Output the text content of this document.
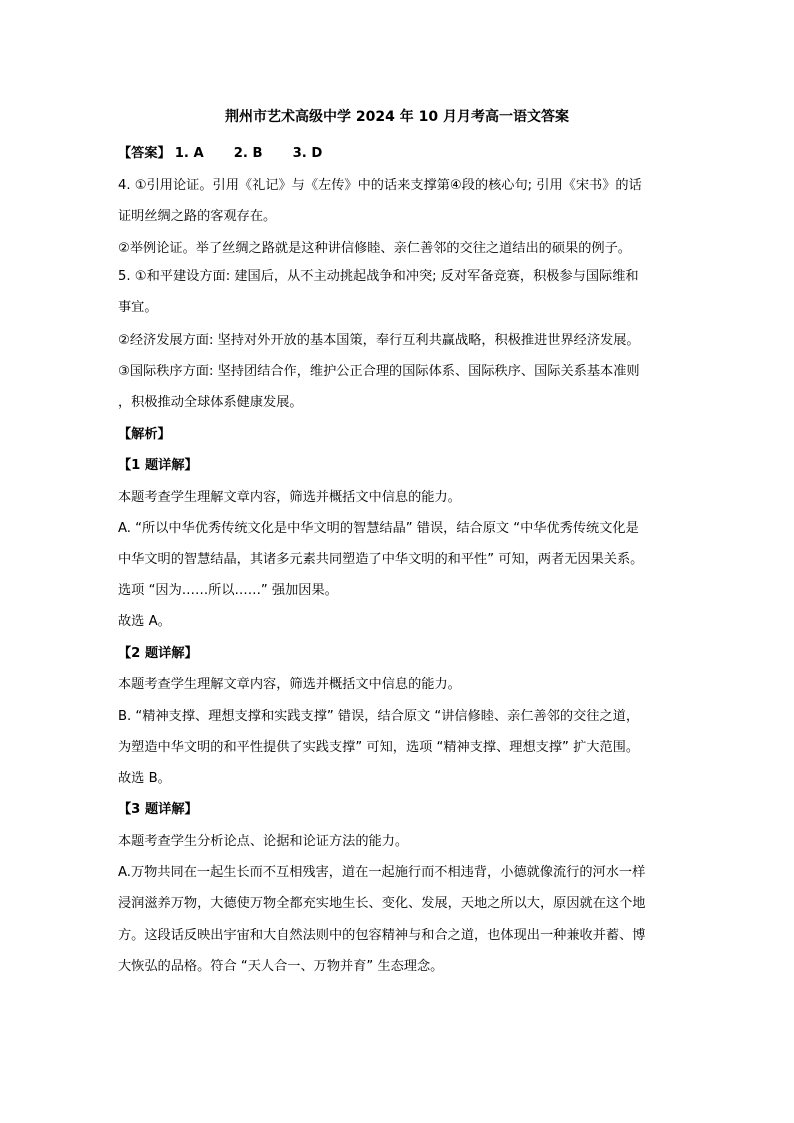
荆州市艺术高级中学 2024 年 10 月月考高一语文答案
【答案】 1. A 2. B 3. D
4. ①引用论证。引用《礼记》与《左传》中的话来支撑第④段的核心句; 引用《宋书》的话
证明丝绸之路的客观存在。
②举例论证。举了丝绸之路就是这种讲信修睦、亲仁善邻的交往之道结出的硕果的例子。
5. ①和平建设方面: 建国后，从不主动挑起战争和冲突; 反对军备竞赛，积极参与国际维和
事宜。
②经济发展方面: 坚持对外开放的基本国策，奉行互利共赢战略，积极推进世界经济发展。
③国际秩序方面: 坚持团结合作，维护公正合理的国际体系、国际秩序、国际关系基本准则
，积极推动全球体系健康发展。
【解析】
【1 题详解】
本题考查学生理解文章内容，筛选并概括文中信息的能力。
A. “所以中华优秀传统文化是中华文明的智慧结晶” 错误，结合原文 “中华优秀传统文化是
中华文明的智慧结晶，其诸多元素共同塑造了中华文明的和平性” 可知，两者无因果关系。
选项 “因为……所以……” 强加因果。
故选 A。
【2 题详解】
本题考查学生理解文章内容，筛选并概括文中信息的能力。
B. “精神支撑、理想支撑和实践支撑” 错误，结合原文 “讲信修睦、亲仁善邻的交往之道，
为塑造中华文明的和平性提供了实践支撑” 可知，选项 “精神支撑、理想支撑” 扩大范围。
故选 B。
【3 题详解】
本题考查学生分析论点、论据和论证方法的能力。
A.万物共同在一起生长而不互相残害，道在一起施行而不相违背，小德就像流行的河水一样
浸润滋养万物，大德使万物全都充实地生长、变化、发展，天地之所以大，原因就在这个地
方。这段话反映出宇宙和大自然法则中的包容精神与和合之道，也体现出一种兼收并蓄、博
大恢弘的品格。符合 “天人合一、万物并育” 生态理念。
